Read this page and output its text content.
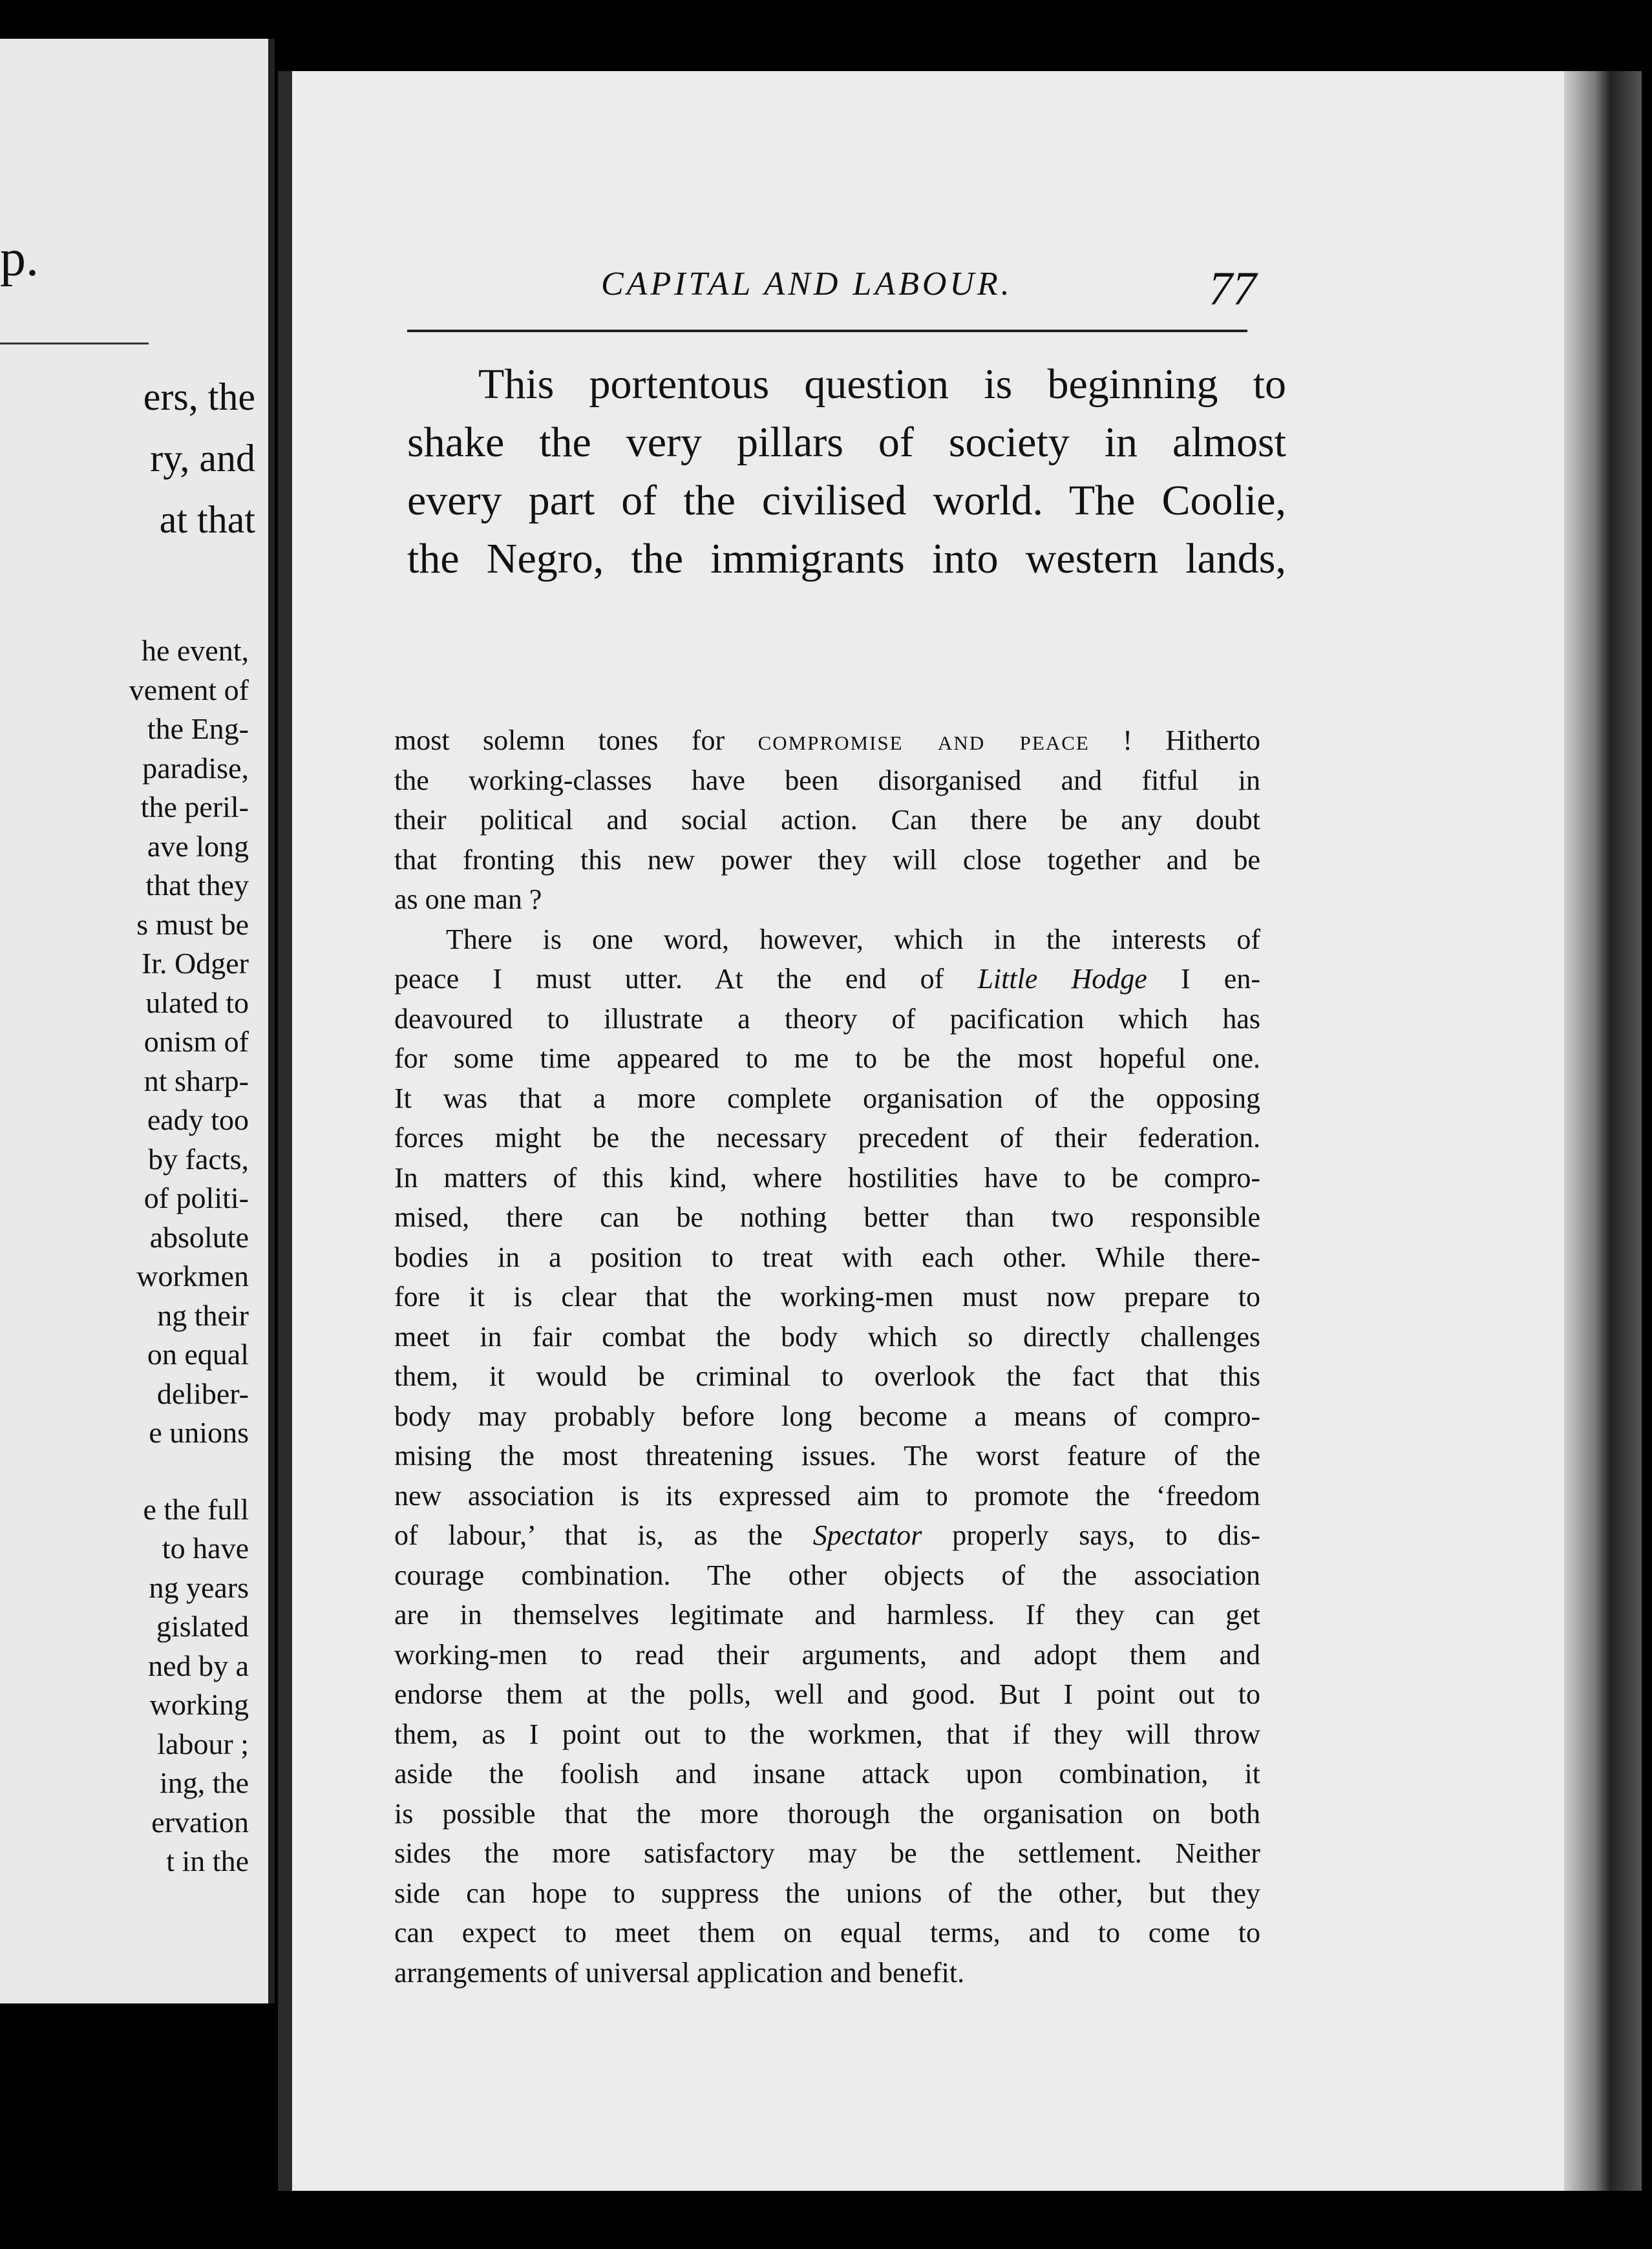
p.
ers, the
ry, and
at that
he event,
vement of
the Eng-
paradise,
the peril-
ave long
that they
s must be
Ir. Odger
ulated to
onism of
nt sharp-
eady too
by facts,
of politi-
absolute
workmen
ng their
on equal
deliber-
e unions
e the full
to have
ng years
gislated
ned by a
working
labour ;
ing, the
ervation
t in the
CAPITAL AND LABOUR.	77
This portentous question is beginning to
shake the very pillars of society in almost
every part of the civilised world. The Coolie,
the Negro, the immigrants into western lands,
most solemn tones for compromise and peace ! Hitherto
the working-classes have been disorganised and fitful in
their political and social action. Can there be any doubt
that fronting this new power they will close together and be
as one man ?
There is one word, however, which in the interests of
peace I must utter. At the end of Little Hodge I en-
deavoured to illustrate a theory of pacification which has
for some time appeared to me to be the most hopeful one.
It was that a more complete organisation of the opposing
forces might be the necessary precedent of their federation.
In matters of this kind, where hostilities have to be compro-
mised, there can be nothing better than two responsible
bodies in a position to treat with each other. While there-
fore it is clear that the working-men must now prepare to
meet in fair combat the body which so directly challenges
them, it would be criminal to overlook the fact that this
body may probably before long become a means of compro-
mising the most threatening issues. The worst feature of the
new association is its expressed aim to promote the ‘freedom
of labour,’ that is, as the Spectator properly says, to dis-
courage combination. The other objects of the association
are in themselves legitimate and harmless. If they can get
working-men to read their arguments, and adopt them and
endorse them at the polls, well and good. But I point out to
them, as I point out to the workmen, that if they will throw
aside the foolish and insane attack upon combination, it
is possible that the more thorough the organisation on both
sides the more satisfactory may be the settlement. Neither
side can hope to suppress the unions of the other, but they
can expect to meet them on equal terms, and to come to
arrangements of universal application and benefit.
